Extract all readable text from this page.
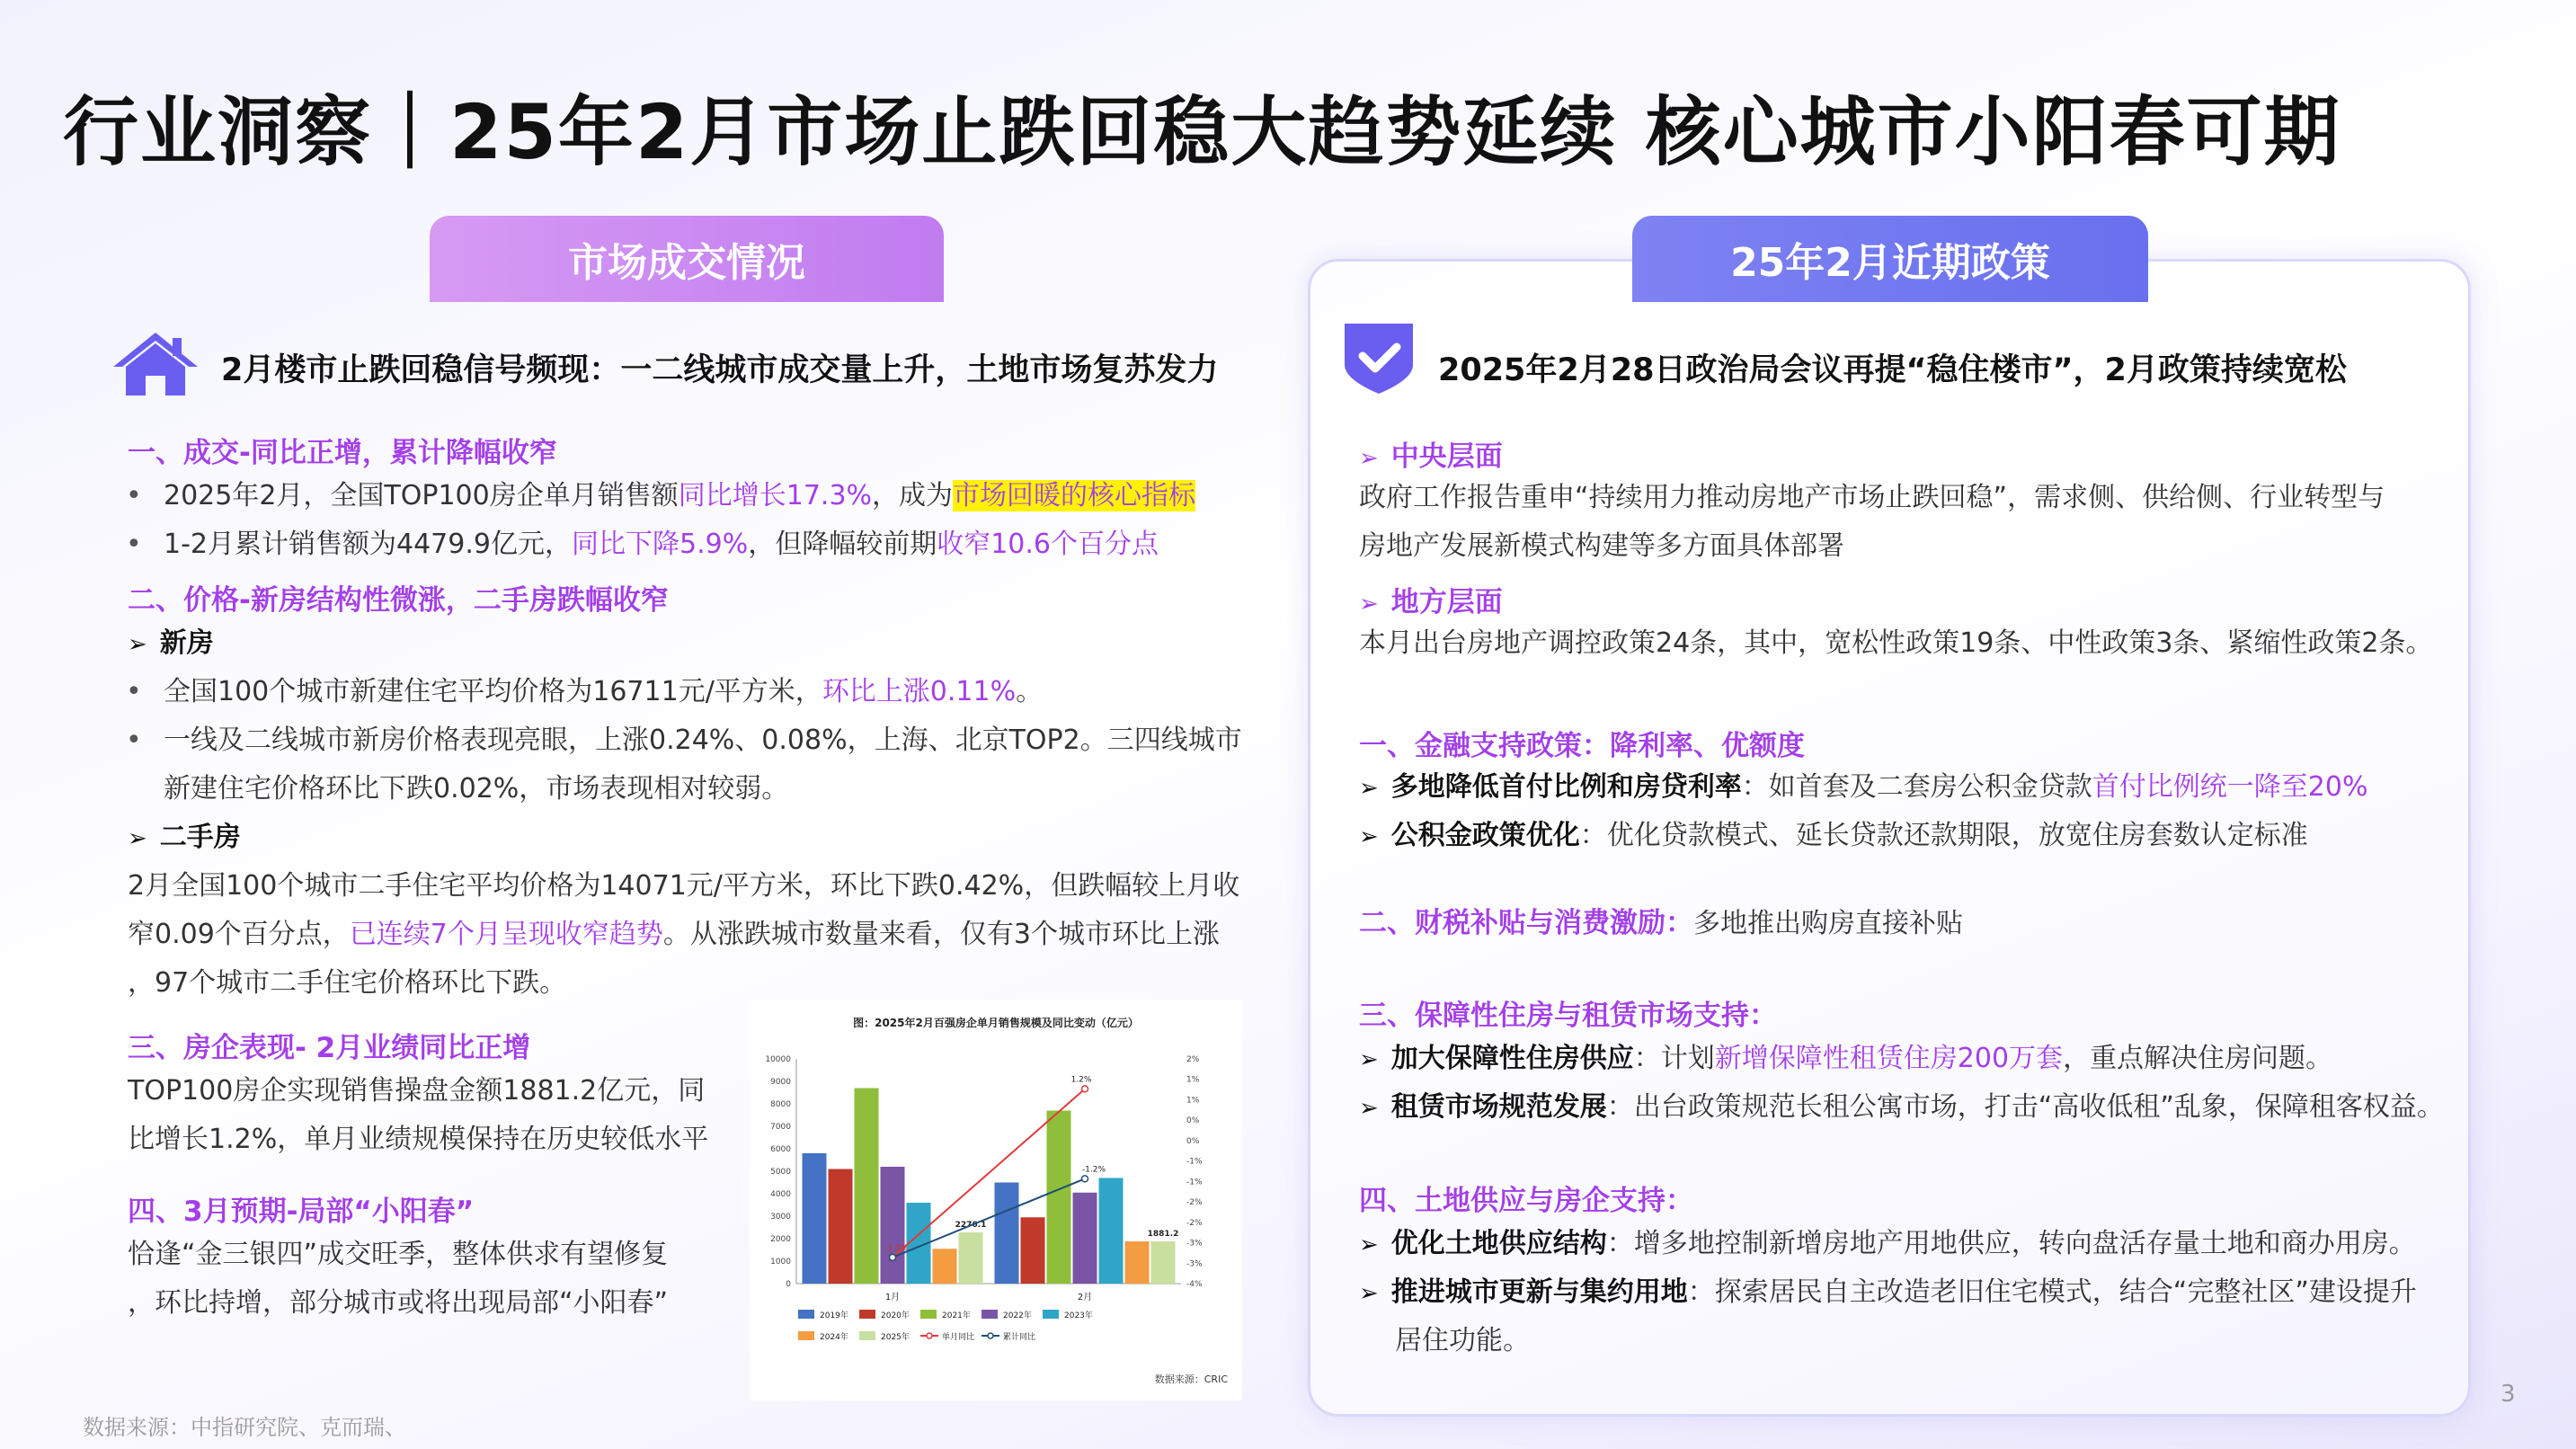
行业洞察｜25年2月市场止跌回稳大趋势延续 核心城市小阳春可期
市场成交情况
2月楼市止跌回稳信号频现：一二线城市成交量上升，土地市场复苏发力
一、成交-同比正增，累计降幅收窄
• 2025年2月，全国TOP100房企单月销售额同比增长17.3%，成为市场回暖的核心指标
• 1-2月累计销售额为4479.9亿元，同比下降5.9%，但降幅较前期收窄10.6个百分点
二、价格-新房结构性微涨，二手房跌幅收窄
➢ 新房
• 全国100个城市新建住宅平均价格为16711元/平方米，环比上涨0.11%。
• 一线及二线城市新房价格表现亮眼，上涨0.24%、0.08%，上海、北京TOP2。三四线城市
新建住宅价格环比下跌0.02%，市场表现相对较弱。
➢ 二手房
2月全国100个城市二手住宅平均价格为14071元/平方米，环比下跌0.42%，但跌幅较上月收
窄0.09个百分点，已连续7个月呈现收窄趋势。从涨跌城市数量来看，仅有3个城市环比上涨
，97个城市二手住宅价格环比下跌。
三、房企表现- 2月业绩同比正增
TOP100房企实现销售操盘金额1881.2亿元，同
比增长1.2%，单月业绩规模保持在历史较低水平
四、3月预期-局部“小阳春”
恰逢“金三银四”成交旺季，整体供求有望修复
，环比持增，部分城市或将出现局部“小阳春”
图：2025年2月百强房企单月销售规模及同比变动（亿元）
10000
9000
8000
7000
6000
5000
4000
3000
2000
1000
0
2%
1%
1%
0%
0%
-1%
-1%
-2%
-2%
-3%
-3%
-4%
1月	2月
2276.1
1881.2
1.2%
-1.2%
-3.3%
2019年	2020年	2021年	2022年	2023年
2024年	2025年	单月同比	累计同比
数据来源：CRIC
25年2月近期政策
2025年2月28日政治局会议再提“稳住楼市”，2月政策持续宽松
➢ 中央层面
政府工作报告重申“持续用力推动房地产市场止跌回稳”，需求侧、供给侧、行业转型与
房地产发展新模式构建等多方面具体部署
➢ 地方层面
本月出台房地产调控政策24条，其中，宽松性政策19条、中性政策3条、紧缩性政策2条。
一、金融支持政策：降利率、优额度
➢ 多地降低首付比例和房贷利率：如首套及二套房公积金贷款首付比例统一降至20%
➢ 公积金政策优化：优化贷款模式、延长贷款还款期限，放宽住房套数认定标准
二、财税补贴与消费激励：多地推出购房直接补贴
三、保障性住房与租赁市场支持：
➢ 加大保障性住房供应：计划新增保障性租赁住房200万套，重点解决住房问题。
➢ 租赁市场规范发展：出台政策规范长租公寓市场，打击“高收低租”乱象，保障租客权益。
四、土地供应与房企支持：
➢ 优化土地供应结构：增多地控制新增房地产用地供应，转向盘活存量土地和商办用房。
➢ 推进城市更新与集约用地：探索居民自主改造老旧住宅模式，结合“完整社区”建设提升
居住功能。
数据来源：中指研究院、克而瑞、
3
